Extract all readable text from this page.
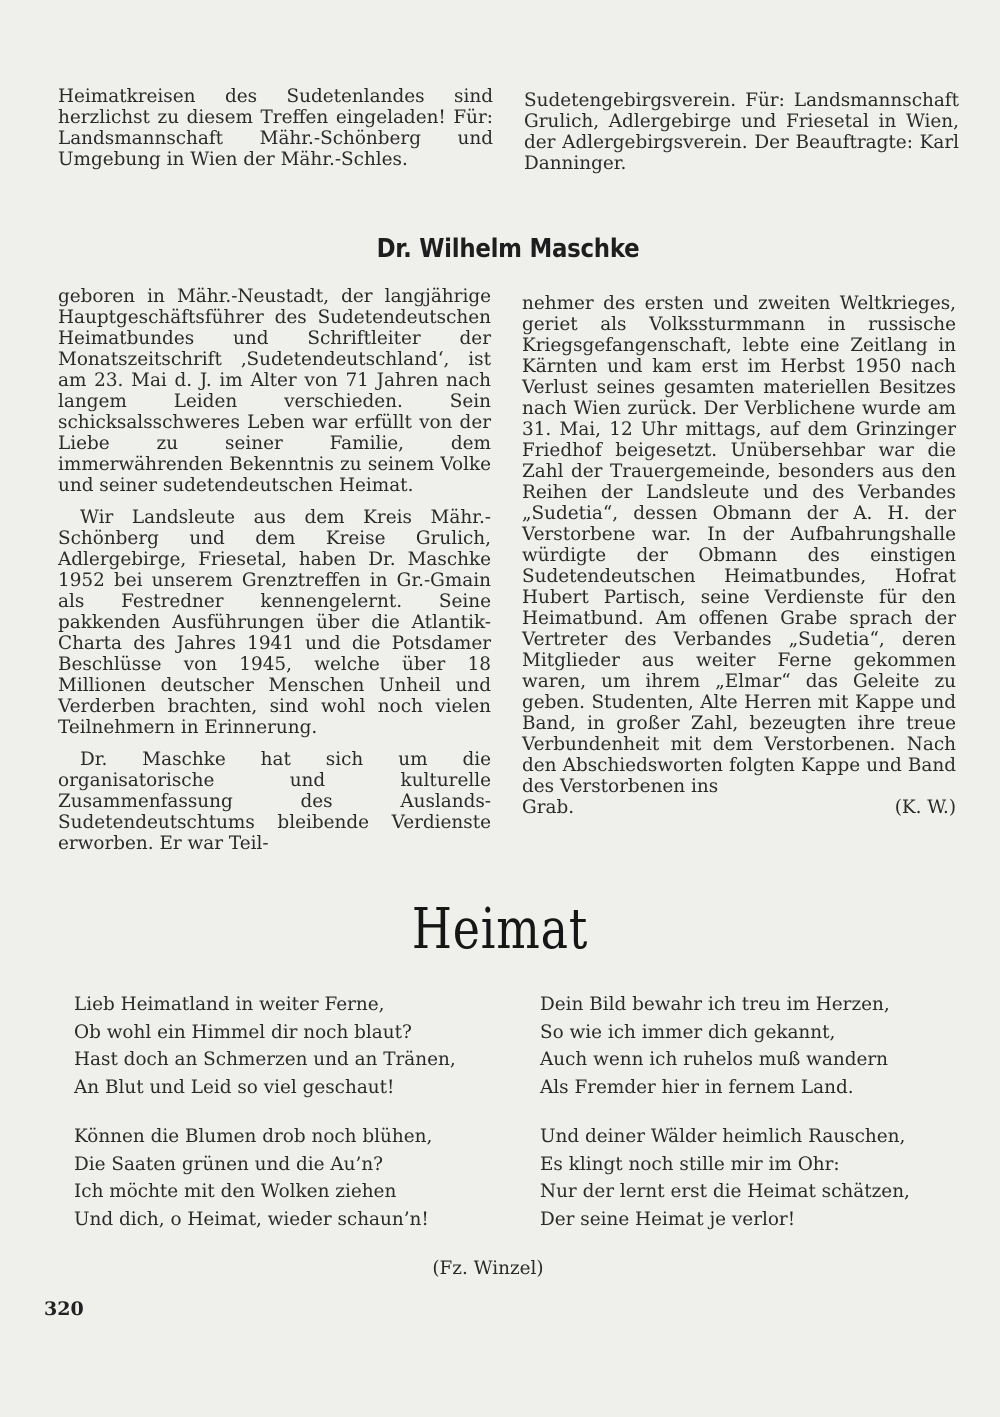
Heimatkreisen des Sudetenlandes sind herzlichst zu diesem Treffen eingeladen! Für: Landsmannschaft Mähr.-Schönberg und Umgebung in Wien der Mähr.-Schles.

Sudetengebirgsverein. Für: Landsmannschaft Grulich, Adlergebirge und Friesetal in Wien, der Adlergebirgsverein. Der Beauftragte: Karl Danninger.

Dr. Wilhelm Maschke

geboren in Mähr.-Neustadt, der langjährige Hauptgeschäftsführer des Sudetendeutschen Heimatbundes und Schriftleiter der Monatszeitschrift ‚Sudetendeutschland‘, ist am 23. Mai d. J. im Alter von 71 Jahren nach langem Leiden verschieden. Sein schicksalsschweres Leben war erfüllt von der Liebe zu seiner Familie, dem immerwährenden Bekenntnis zu seinem Volke und seiner sudetendeutschen Heimat.

Wir Landsleute aus dem Kreis Mähr.-Schönberg und dem Kreise Grulich, Adlergebirge, Friesetal, haben Dr. Maschke 1952 bei unserem Grenztreffen in Gr.-Gmain als Festredner kennengelernt. Seine pakkenden Ausführungen über die Atlantik-Charta des Jahres 1941 und die Potsdamer Beschlüsse von 1945, welche über 18 Millionen deutscher Menschen Unheil und Verderben brachten, sind wohl noch vielen Teilnehmern in Erinnerung.

Dr. Maschke hat sich um die organisatorische und kulturelle Zusammenfassung des Auslands-Sudetendeutschtums bleibende Verdienste erworben. Er war Teil-

nehmer des ersten und zweiten Weltkrieges, geriet als Volkssturmmann in russische Kriegsgefangenschaft, lebte eine Zeitlang in Kärnten und kam erst im Herbst 1950 nach Verlust seines gesamten materiellen Besitzes nach Wien zurück. Der Verblichene wurde am 31. Mai, 12 Uhr mittags, auf dem Grinzinger Friedhof beigesetzt. Unübersehbar war die Zahl der Trauergemeinde, besonders aus den Reihen der Landsleute und des Verbandes „Sudetia“, dessen Obmann der A. H. der Verstorbene war. In der Aufbahrungshalle würdigte der Obmann des einstigen Sudetendeutschen Heimatbundes, Hofrat Hubert Partisch, seine Verdienste für den Heimatbund. Am offenen Grabe sprach der Vertreter des Verbandes „Sudetia“, deren Mitglieder aus weiter Ferne gekommen waren, um ihrem „Elmar“ das Geleite zu geben. Studenten, Alte Herren mit Kappe und Band, in großer Zahl, bezeugten ihre treue Verbundenheit mit dem Verstorbenen. Nach den Abschiedsworten folgten Kappe und Band des Verstorbenen ins

Grab.	(K. W.)
Heimat
Lieb Heimatland in weiter Ferne,
Ob wohl ein Himmel dir noch blaut?
Hast doch an Schmerzen und an Tränen,
An Blut und Leid so viel geschaut!
Dein Bild bewahr ich treu im Herzen,
So wie ich immer dich gekannt,
Auch wenn ich ruhelos muß wandern
Als Fremder hier in fernem Land.
Können die Blumen drob noch blühen,
Die Saaten grünen und die Au’n?
Ich möchte mit den Wolken ziehen
Und dich, o Heimat, wieder schaun’n!
Und deiner Wälder heimlich Rauschen,
Es klingt noch stille mir im Ohr:
Nur der lernt erst die Heimat schätzen,
Der seine Heimat je verlor!
(Fz. Winzel)
320
